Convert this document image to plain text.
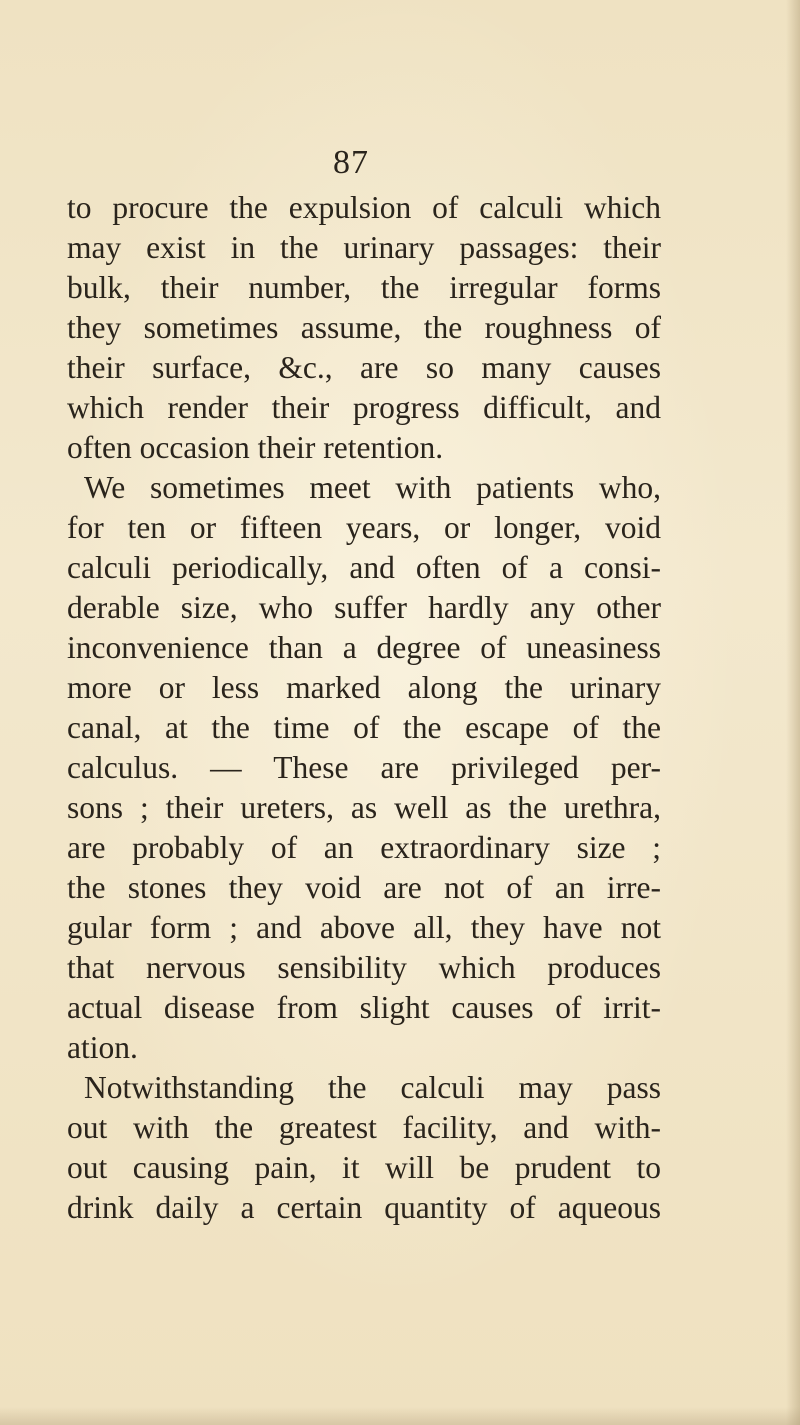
87

to procure the expulsion of calculi which
may exist in the urinary passages: their
bulk, their number, the irregular forms
they sometimes assume, the roughness of
their surface, &c., are so many causes
which render their progress difficult, and
often occasion their retention.
We sometimes meet with patients who,
for ten or fifteen years, or longer, void
calculi periodically, and often of a consi-
derable size, who suffer hardly any other
inconvenience than a degree of uneasiness
more or less marked along the urinary
canal, at the time of the escape of the
calculus. — These are privileged per-
sons ; their ureters, as well as the urethra,
are probably of an extraordinary size ;
the stones they void are not of an irre-
gular form ; and above all, they have not
that nervous sensibility which produces
actual disease from slight causes of irrit-
ation.
Notwithstanding the calculi may pass
out with the greatest facility, and with-
out causing pain, it will be prudent to
drink daily a certain quantity of aqueous
